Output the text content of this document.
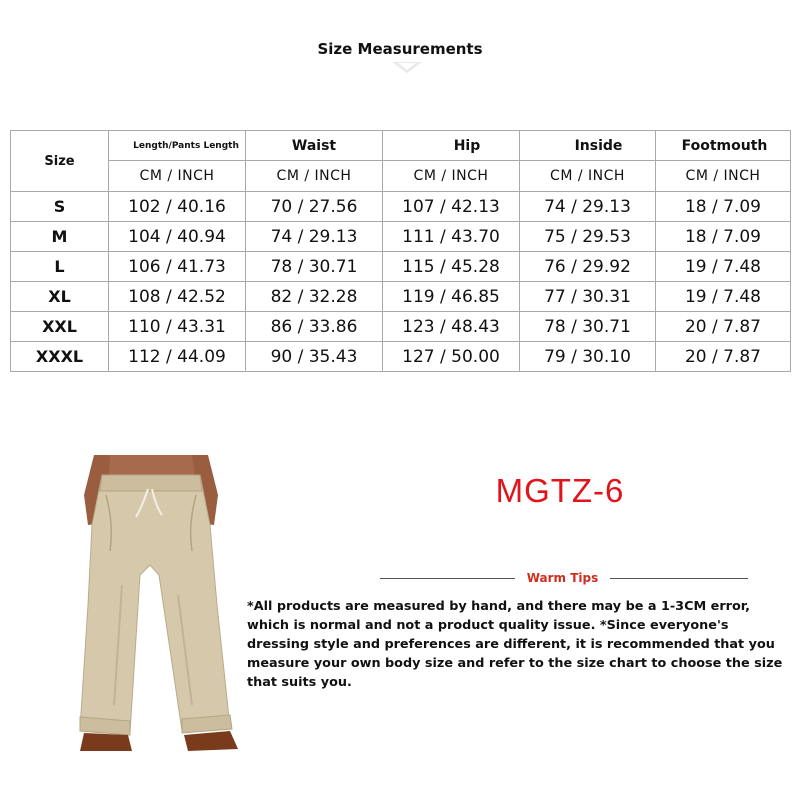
Size Measurements
Size	Length/Pants Length	Waist	Hip	Inside	Footmouth
	CM / INCH	CM / INCH	CM / INCH	CM / INCH	CM / INCH
S	102 / 40.16	70 / 27.56	107 / 42.13	74 / 29.13	18 / 7.09
M	104 / 40.94	74 / 29.13	111 / 43.70	75 / 29.53	18 / 7.09
L	106 / 41.73	78 / 30.71	115 / 45.28	76 / 29.92	19 / 7.48
XL	108 / 42.52	82 / 32.28	119 / 46.85	77 / 30.31	19 / 7.48
XXL	110 / 43.31	86 / 33.86	123 / 48.43	78 / 30.71	20 / 7.87
XXXL	112 / 44.09	90 / 35.43	127 / 50.00	79 / 30.10	20 / 7.87
MGTZ-6
Warm Tips
*All products are measured by hand, and there may be a 1-3CM error, which is normal and not a product quality issue. *Since everyone's dressing style and preferences are different, it is recommended that you measure your own body size and refer to the size chart to choose the size that suits you.
